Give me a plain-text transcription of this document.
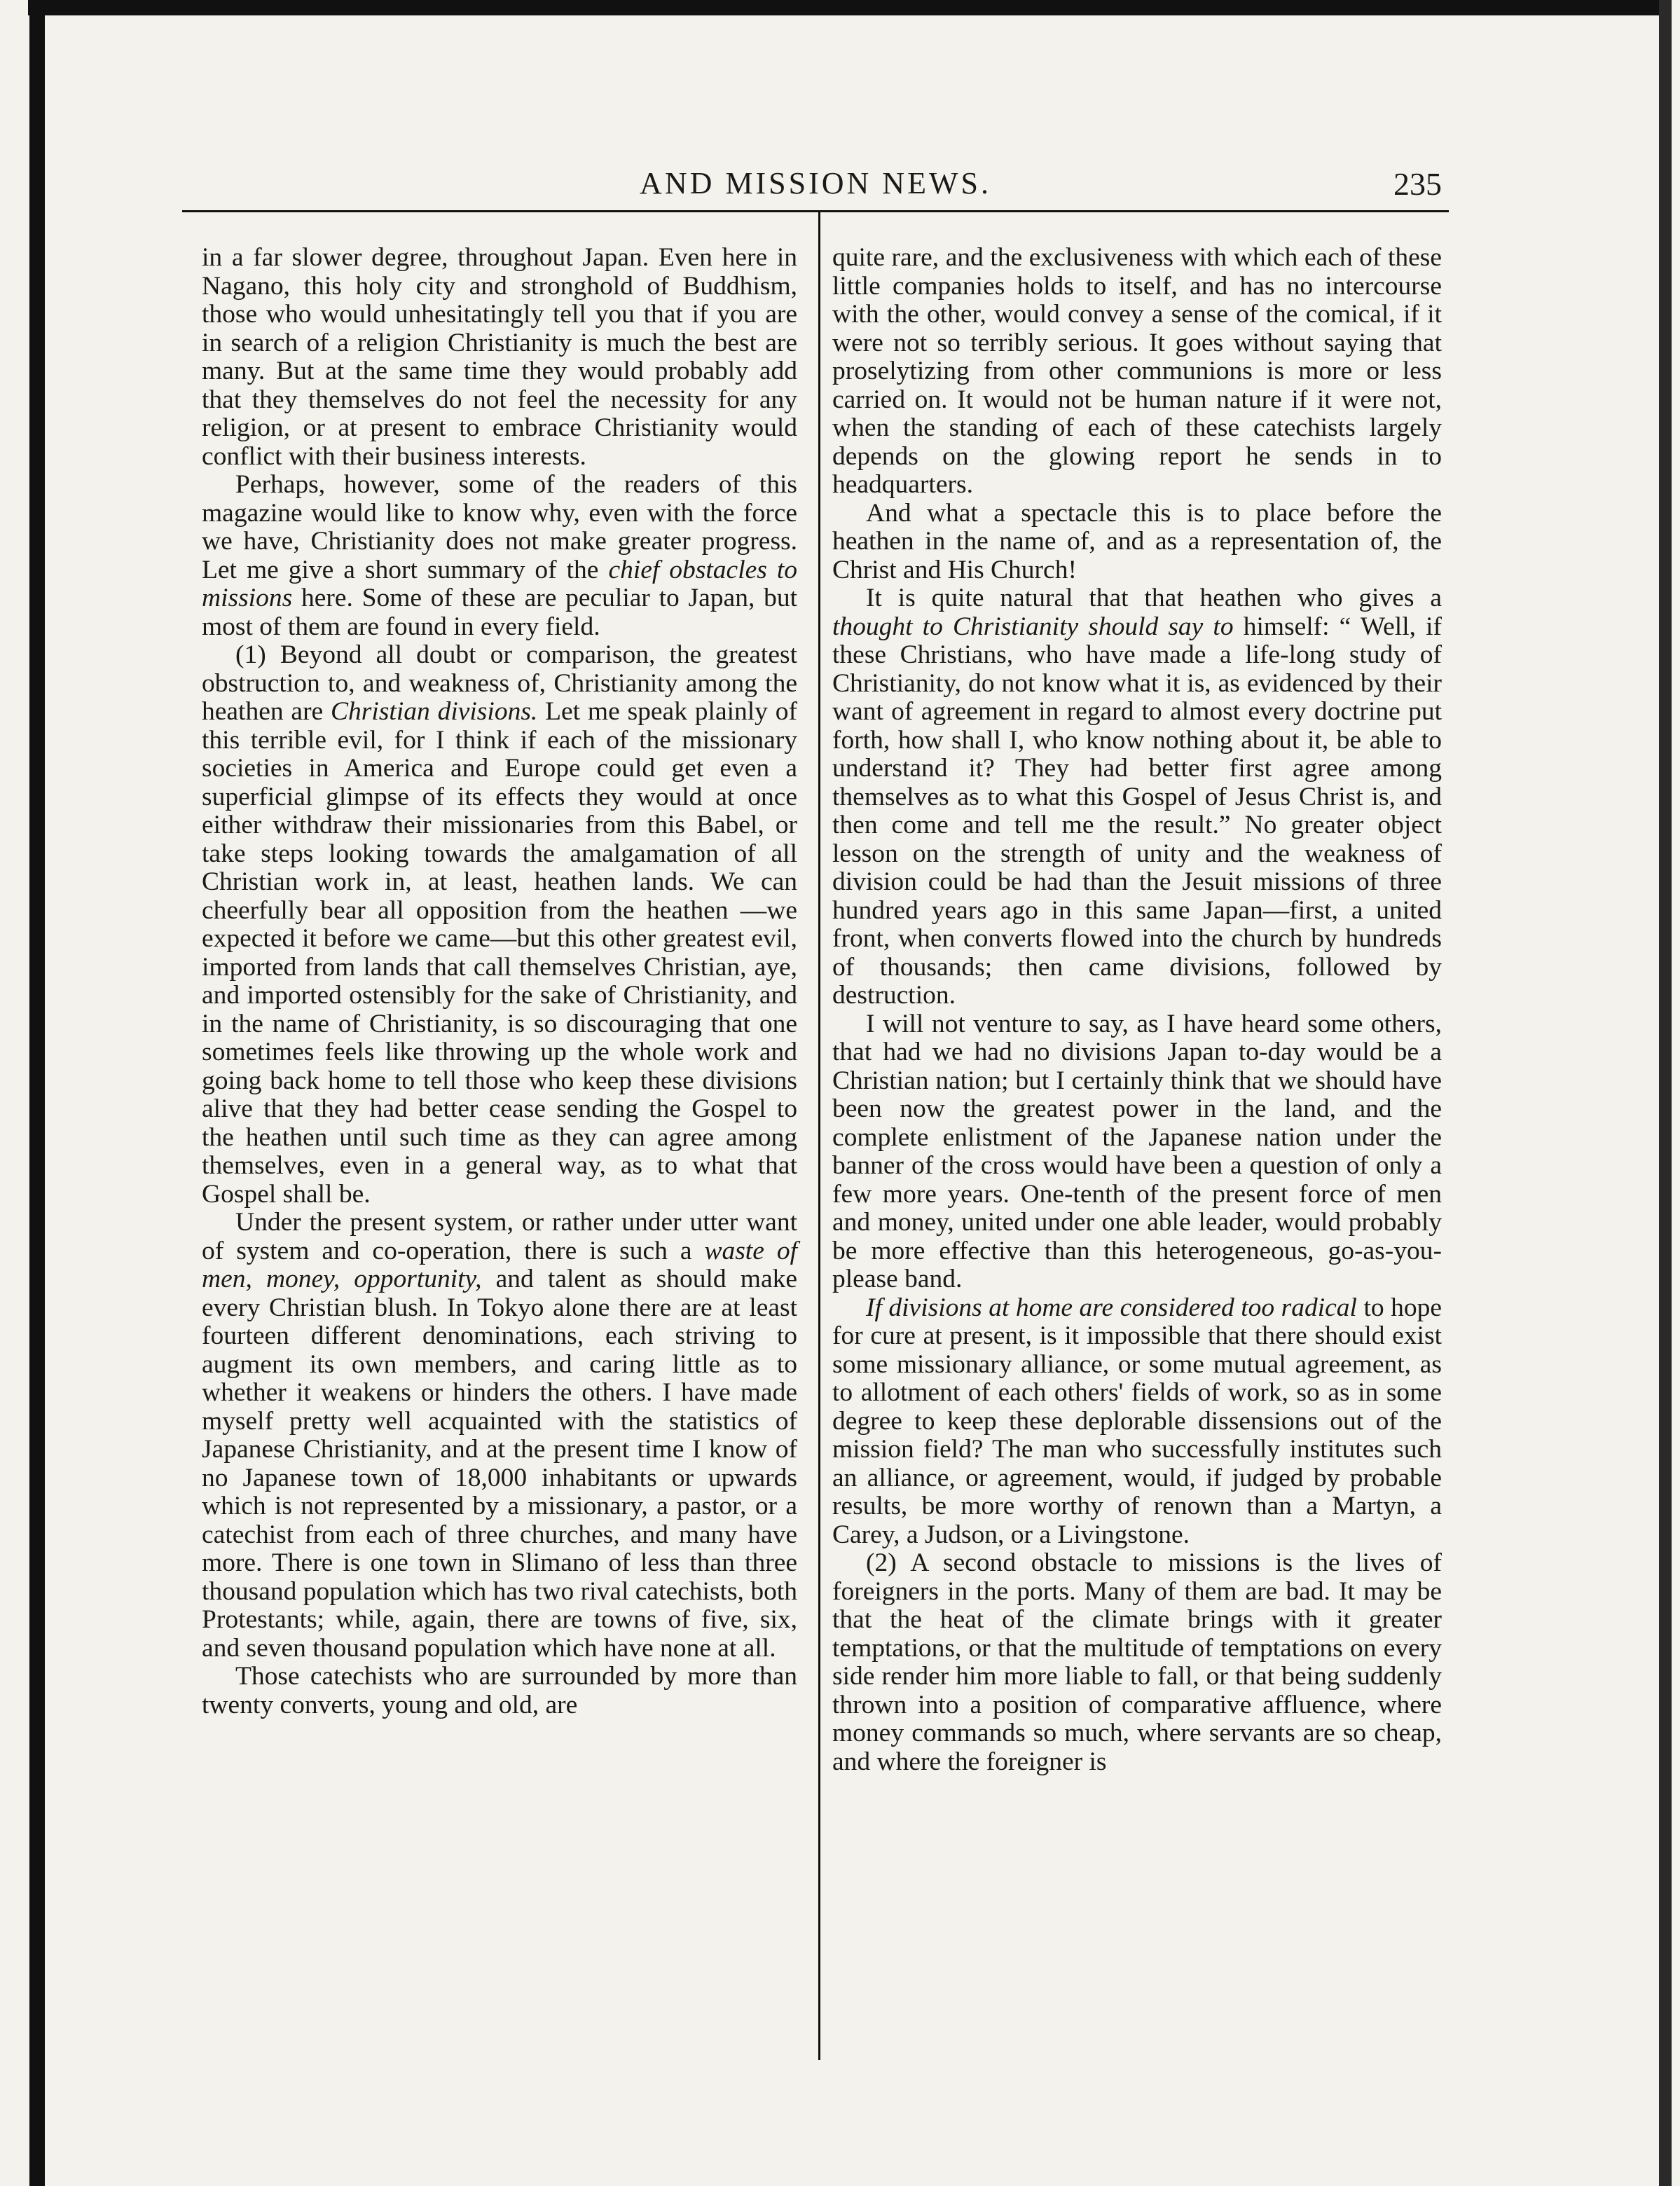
AND MISSION NEWS.	235

in a far slower degree, throughout Japan. Even here in Nagano, this holy city and stronghold of Buddhism, those who would unhesitatingly tell you that if you are in search of a religion Christianity is much the best are many. But at the same time they would probably add that they themselves do not feel the necessity for any religion, or at present to embrace Christianity would conflict with their business interests.

Perhaps, however, some of the readers of this magazine would like to know why, even with the force we have, Christianity does not make greater progress. Let me give a short summary of the chief obstacles to missions here. Some of these are peculiar to Japan, but most of them are found in every field.

(1) Beyond all doubt or comparison, the greatest obstruction to, and weakness of, Christianity among the heathen are Christian divisions. Let me speak plainly of this terrible evil, for I think if each of the missionary societies in America and Europe could get even a superficial glimpse of its effects they would at once either withdraw their missionaries from this Babel, or take steps looking towards the amalgamation of all Christian work in, at least, heathen lands. We can cheerfully bear all opposition from the heathen —we expected it before we came—but this other greatest evil, imported from lands that call themselves Christian, aye, and imported ostensibly for the sake of Christianity, and in the name of Christianity, is so discouraging that one sometimes feels like throwing up the whole work and going back home to tell those who keep these divisions alive that they had better cease sending the Gospel to the heathen until such time as they can agree among themselves, even in a general way, as to what that Gospel shall be.

Under the present system, or rather under utter want of system and co-operation, there is such a waste of men, money, opportunity, and talent as should make every Christian blush. In Tokyo alone there are at least fourteen different denominations, each striving to augment its own members, and caring little as to whether it weakens or hinders the others. I have made myself pretty well acquainted with the statistics of Japanese Christianity, and at the present time I know of no Japanese town of 18,000 inhabitants or upwards which is not represented by a missionary, a pastor, or a catechist from each of three churches, and many have more. There is one town in Slimano of less than three thousand population which has two rival catechists, both Protestants; while, again, there are towns of five, six, and seven thousand population which have none at all.

Those catechists who are surrounded by more than twenty converts, young and old, are

quite rare, and the exclusiveness with which each of these little companies holds to itself, and has no intercourse with the other, would convey a sense of the comical, if it were not so terribly serious. It goes without saying that proselytizing from other communions is more or less carried on. It would not be human nature if it were not, when the standing of each of these catechists largely depends on the glowing report he sends in to headquarters.

And what a spectacle this is to place before the heathen in the name of, and as a representation of, the Christ and His Church!

It is quite natural that that heathen who gives a thought to Christianity should say to himself: “ Well, if these Christians, who have made a life-long study of Christianity, do not know what it is, as evidenced by their want of agreement in regard to almost every doctrine put forth, how shall I, who know nothing about it, be able to understand it? They had better first agree among themselves as to what this Gospel of Jesus Christ is, and then come and tell me the result.” No greater object lesson on the strength of unity and the weakness of division could be had than the Jesuit missions of three hundred years ago in this same Japan—first, a united front, when converts flowed into the church by hundreds of thousands; then came divisions, followed by destruction.

I will not venture to say, as I have heard some others, that had we had no divisions Japan to-day would be a Christian nation; but I certainly think that we should have been now the greatest power in the land, and the complete enlistment of the Japanese nation under the banner of the cross would have been a question of only a few more years. One-tenth of the present force of men and money, united under one able leader, would probably be more effective than this heterogeneous, go-as-you-please band.

If divisions at home are considered too radical to hope for cure at present, is it impossible that there should exist some missionary alliance, or some mutual agreement, as to allotment of each others' fields of work, so as in some degree to keep these deplorable dissensions out of the mission field? The man who successfully institutes such an alliance, or agreement, would, if judged by probable results, be more worthy of renown than a Martyn, a Carey, a Judson, or a Livingstone.

(2) A second obstacle to missions is the lives of foreigners in the ports. Many of them are bad. It may be that the heat of the climate brings with it greater temptations, or that the multitude of temptations on every side render him more liable to fall, or that being suddenly thrown into a position of comparative affluence, where money commands so much, where servants are so cheap, and where the foreigner is
